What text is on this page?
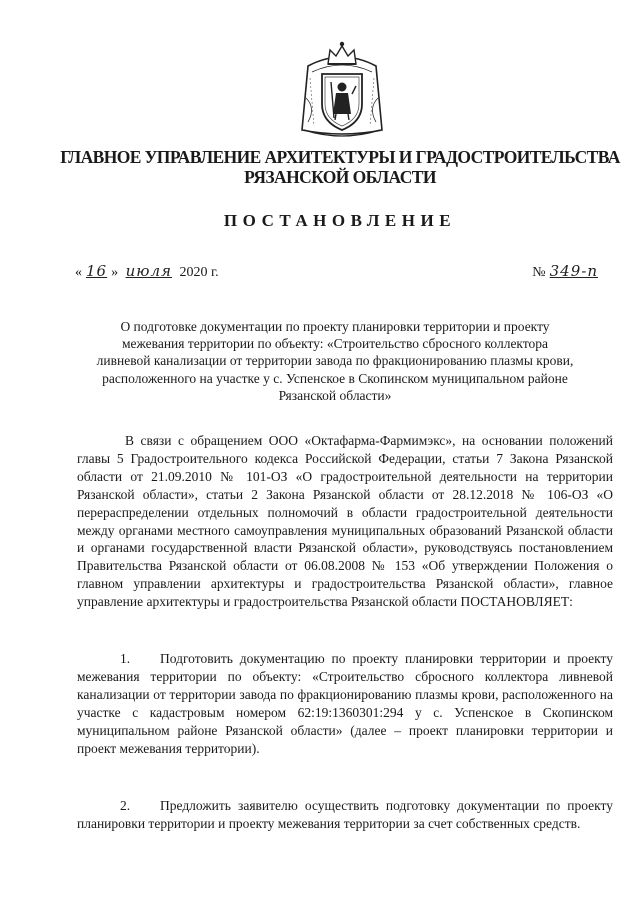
ГЛАВНОЕ УПРАВЛЕНИЕ АРХИТЕКТУРЫ И ГРАДОСТРОИТЕЛЬСТВА
РЯЗАНСКОЙ ОБЛАСТИ
ПОСТАНОВЛЕНИЕ
« 16 » июля 2020 г.	№ 349-п
О подготовке документации по проекту планировки территории и проекту межевания территории по объекту: «Строительство сбросного коллектора ливневой канализации от территории завода по фракционированию плазмы крови, расположенного на участке у с. Успенское в Скопинском муниципальном районе Рязанской области»
В связи с обращением ООО «Октафарма-Фармимэкс», на основании положений главы 5 Градостроительного кодекса Российской Федерации, статьи 7 Закона Рязанской области от 21.09.2010 № 101-ОЗ «О градостроительной деятельности на территории Рязанской области», статьи 2 Закона Рязанской области от 28.12.2018 № 106-ОЗ «О перераспределении отдельных полномочий в области градостроительной деятельности между органами местного самоуправления муниципальных образований Рязанской области и органами государственной власти Рязанской области», руководствуясь постановлением Правительства Рязанской области от 06.08.2008 № 153 «Об утверждении Положения о главном управлении архитектуры и градостроительства Рязанской области», главное управление архитектуры и градостроительства Рязанской области ПОСТАНОВЛЯЕТ:
1. Подготовить документацию по проекту планировки территории и проекту межевания территории по объекту: «Строительство сбросного коллектора ливневой канализации от территории завода по фракционированию плазмы крови, расположенного на участке с кадастровым номером 62:19:1360301:294 у с. Успенское в Скопинском муниципальном районе Рязанской области» (далее – проект планировки территории и проект межевания территории).
2. Предложить заявителю осуществить подготовку документации по проекту планировки территории и проекту межевания территории за счет собственных средств.
